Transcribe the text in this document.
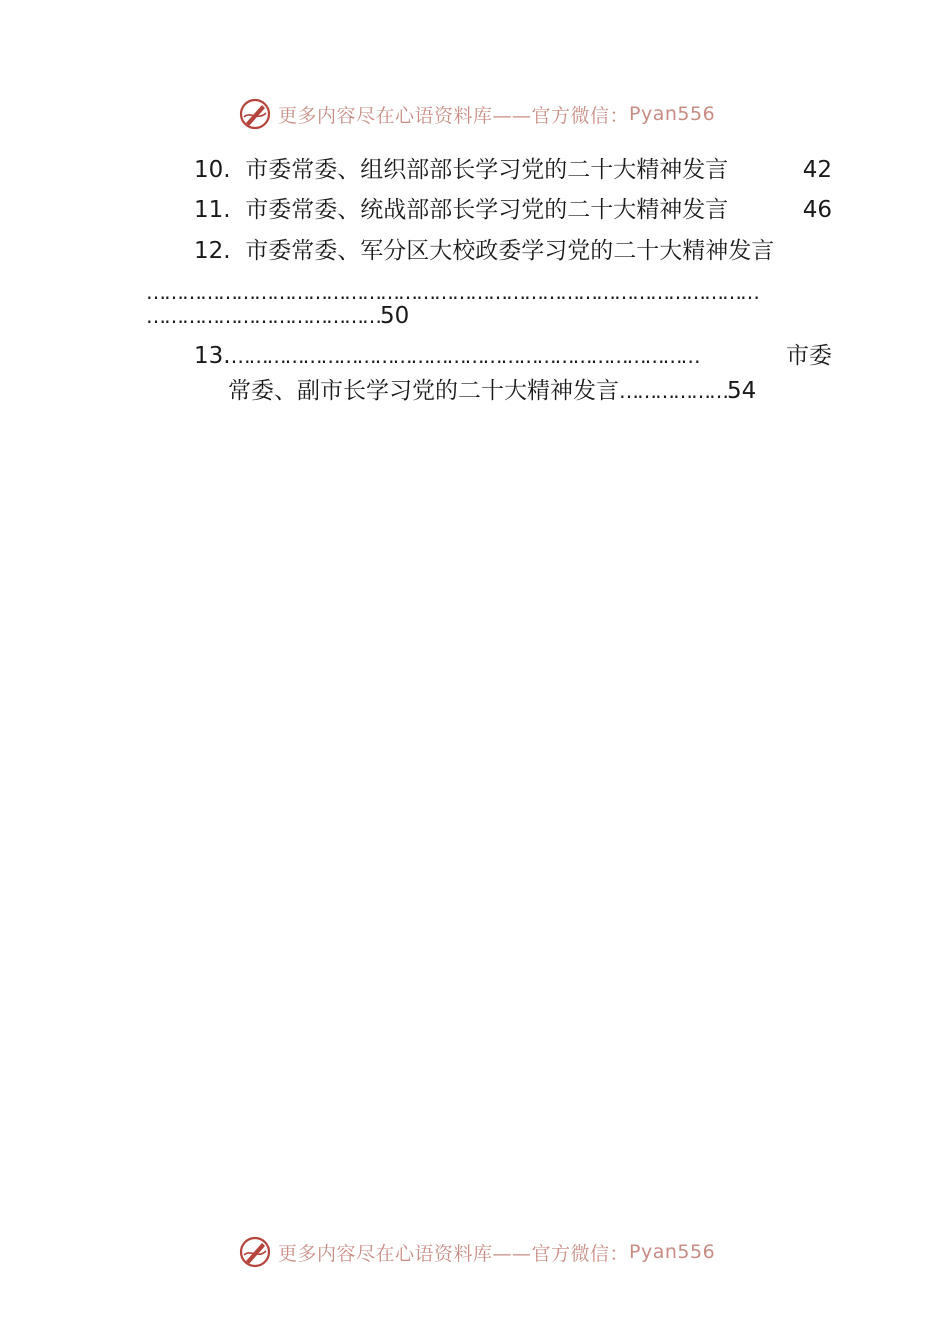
更多内容尽在心语资料库——官方微信： Pyan556
10. 市委常委、组织部部长学习党的二十大精神发言	42
11. 市委常委、统战部部长学习党的二十大精神发言	46
12. 市委常委、军分区大校政委学习党的二十大精神发言
…………………………………………………………………………………………
…………………………………50
13. ……………………………………………………………………	市委
常委、副市长学习党的二十大精神发言………………54
更多内容尽在心语资料库——官方微信： Pyan556
